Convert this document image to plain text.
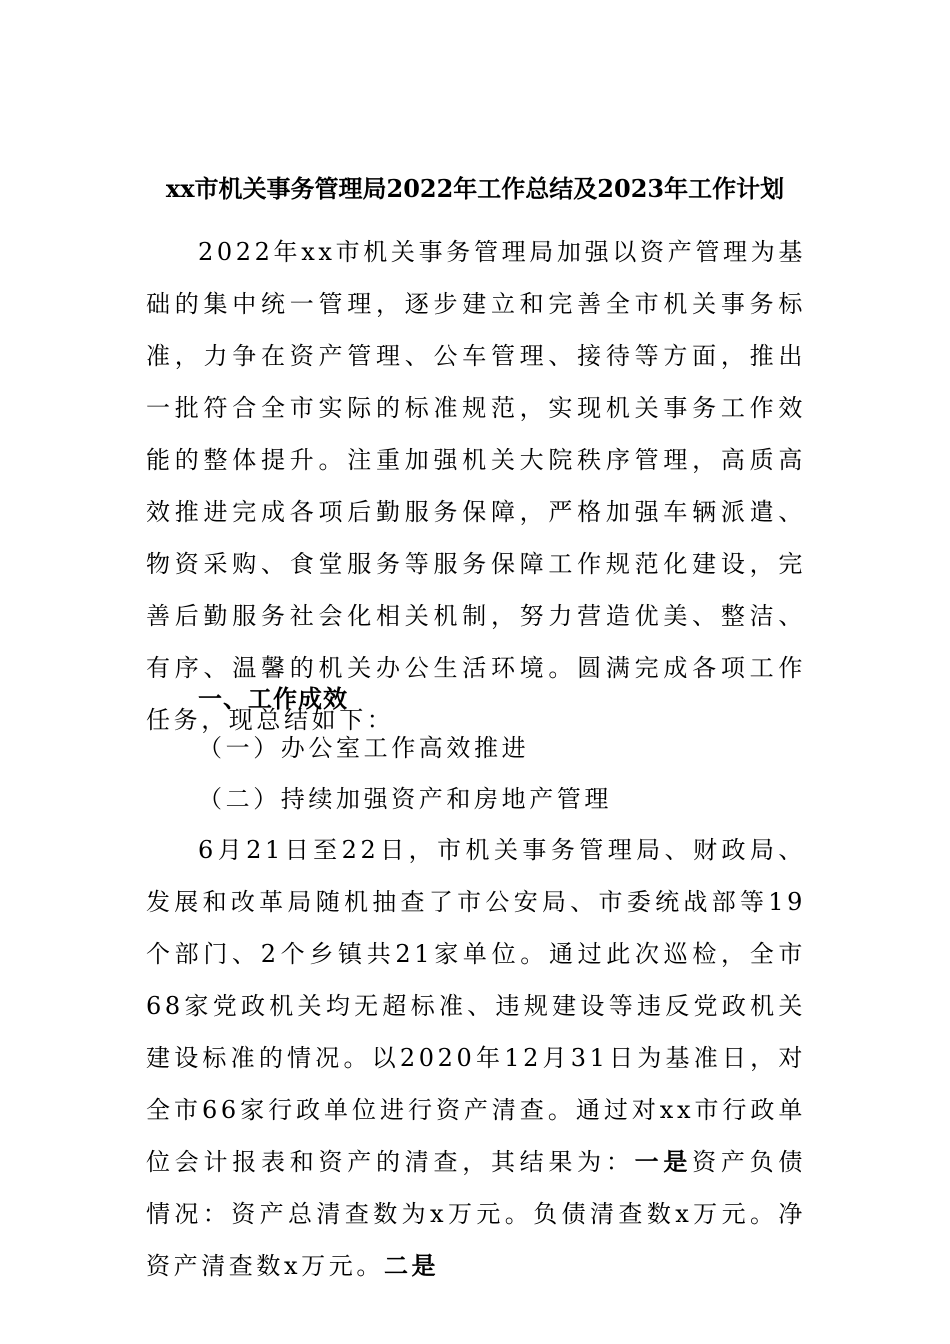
xx市机关事务管理局2022年工作总结及2023年工作计划

2022年xx市机关事务管理局加强以资产管理为基础的集中统一管理，逐步建立和完善全市机关事务标准，力争在资产管理、公车管理、接待等方面，推出一批符合全市实际的标准规范，实现机关事务工作效能的整体提升。注重加强机关大院秩序管理，高质高效推进完成各项后勤服务保障，严格加强车辆派遣、物资采购、食堂服务等服务保障工作规范化建设，完善后勤服务社会化相关机制，努力营造优美、整洁、有序、温馨的机关办公生活环境。圆满完成各项工作任务，现总结如下：

一、工作成效

（一）办公室工作高效推进

（二）持续加强资产和房地产管理

6月21日至22日，市机关事务管理局、财政局、发展和改革局随机抽查了市公安局、市委统战部等19个部门、2个乡镇共21家单位。通过此次巡检，全市68家党政机关均无超标准、违规建设等违反党政机关建设标准的情况。以2020年12月31日为基准日，对全市66家行政单位进行资产清查。通过对xx市行政单位会计报表和资产的清查，其结果为：一是资产负债情况：资产总清查数为x万元。负债清查数x万元。净资产清查数x万元。二是
